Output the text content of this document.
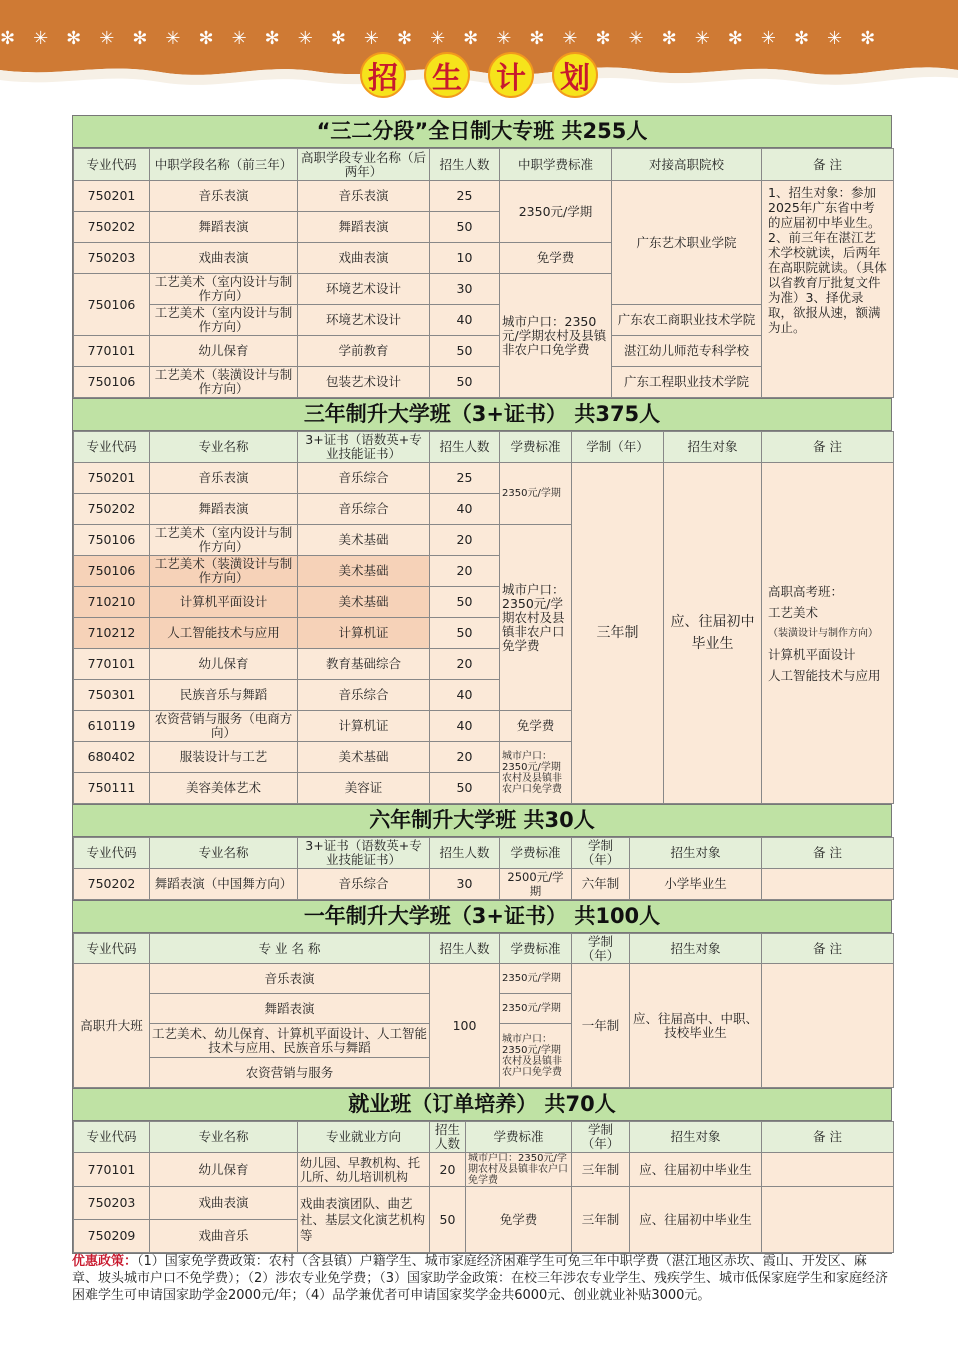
✻✳✻✳✻✳✻✳✻✳✻✳✻✳✻✳✻✳✻✳✻✳✻✳✻✳✻
招 生 计 划
“三二分段”全日制大专班 共255人
专业代码	中职学段名称（前三年）	高职学段专业名称（后两年）	招生人数	中职学费标准	对接高职院校	备 注
750201	音乐表演	音乐表演	25	2350元/学期	广东艺术职业学院	1、招生对象：参加2025年广东省中考的应届初中毕业生。2、前三年在湛江艺术学校就读，后两年在高职院就读。（具体以省教育厅批复文件为准）3、择优录取，欲报从速，额满为止。
750202	舞蹈表演	舞蹈表演	50			
750203	戏曲表演	戏曲表演	10	免学费		
750106	工艺美术（室内设计与制作方向）	环境艺术设计	30	城市户口：2350元/学期农村及县镇非农户口免学费		
	工艺美术（室内设计与制作方向）	环境艺术设计	40		广东农工商职业技术学院	
770101	幼儿保育	学前教育	50		湛江幼儿师范专科学校	
750106	工艺美术（装潢设计与制作方向）	包装艺术设计	50		广东工程职业技术学院	
三年制升大学班（3+证书） 共375人
专业代码	专业名称	3+证书（语数英+专业技能证书）	招生人数	学费标准	学制（年）	招生对象	备 注
750201	音乐表演	音乐综合	25	2350元/学期	三年制	应、往届初中毕业生	高职高考班：
工艺美术
（装潢设计与制作方向）
计算机平面设计
人工智能技术与应用

750202	舞蹈表演	音乐综合	40				
750106	工艺美术（室内设计与制作方向）	美术基础	20	城市户口：2350元/学期农村及县镇非农户口免学费			
750106	工艺美术（装潢设计与制作方向）	美术基础	20				
710210	计算机平面设计	美术基础	50				
710212	人工智能技术与应用	计算机证	50				
770101	幼儿保育	教育基础综合	20				
750301	民族音乐与舞蹈	音乐综合	40				
610119	农资营销与服务（电商方向）	计算机证	40	免学费			
680402	服装设计与工艺	美术基础	20	城市户口：2350元/学期农村及县镇非农户口免学费			
750111	美容美体艺术	美容证	50				
六年制升大学班 共30人
专业代码	专业名称	3+证书（语数英+专业技能证书）	招生人数	学费标准	学制（年）	招生对象	备 注
750202	舞蹈表演（中国舞方向）	音乐综合	30	2500元/学期	六年制	小学毕业生	
一年制升大学班（3+证书） 共100人
专业代码	专 业 名 称	招生人数	学费标准	学制（年）	招生对象	备 注
高职升大班	音乐表演	100	2350元/学期	一年制	应、往届高中、中职、技校毕业生	
	舞蹈表演		2350元/学期			
	工艺美术、幼儿保育、计算机平面设计、人工智能技术与应用、民族音乐与舞蹈		城市户口：2350元/学期农村及县镇非农户口免学费			
	农资营销与服务					
就业班（订单培养） 共70人
专业代码	专业名称	专业就业方向	招生人数	学费标准	学制（年）	招生对象	备 注
770101	幼儿保育	幼儿园、早教机构、托儿所、幼儿培训机构	20	城市户口：2350元/学期农村及县镇非农户口免学费	三年制	应、往届初中毕业生	
750203	戏曲表演	戏曲表演团队、曲艺社、基层文化演艺机构等	50	免学费	三年制	应、往届初中毕业生	
750209	戏曲音乐						
优惠政策：（1）国家免学费政策：农村（含县镇）户籍学生、城市家庭经济困难学生可免三年中职学费（湛江地区赤坎、霞山、开发区、麻章、坡头城市户口不免学费）；（2）涉农专业免学费；（3）国家助学金政策：在校三年涉农专业学生、残疾学生、城市低保家庭学生和家庭经济困难学生可申请国家助学金2000元/年；（4）品学兼优者可申请国家奖学金共6000元、创业就业补贴3000元。
